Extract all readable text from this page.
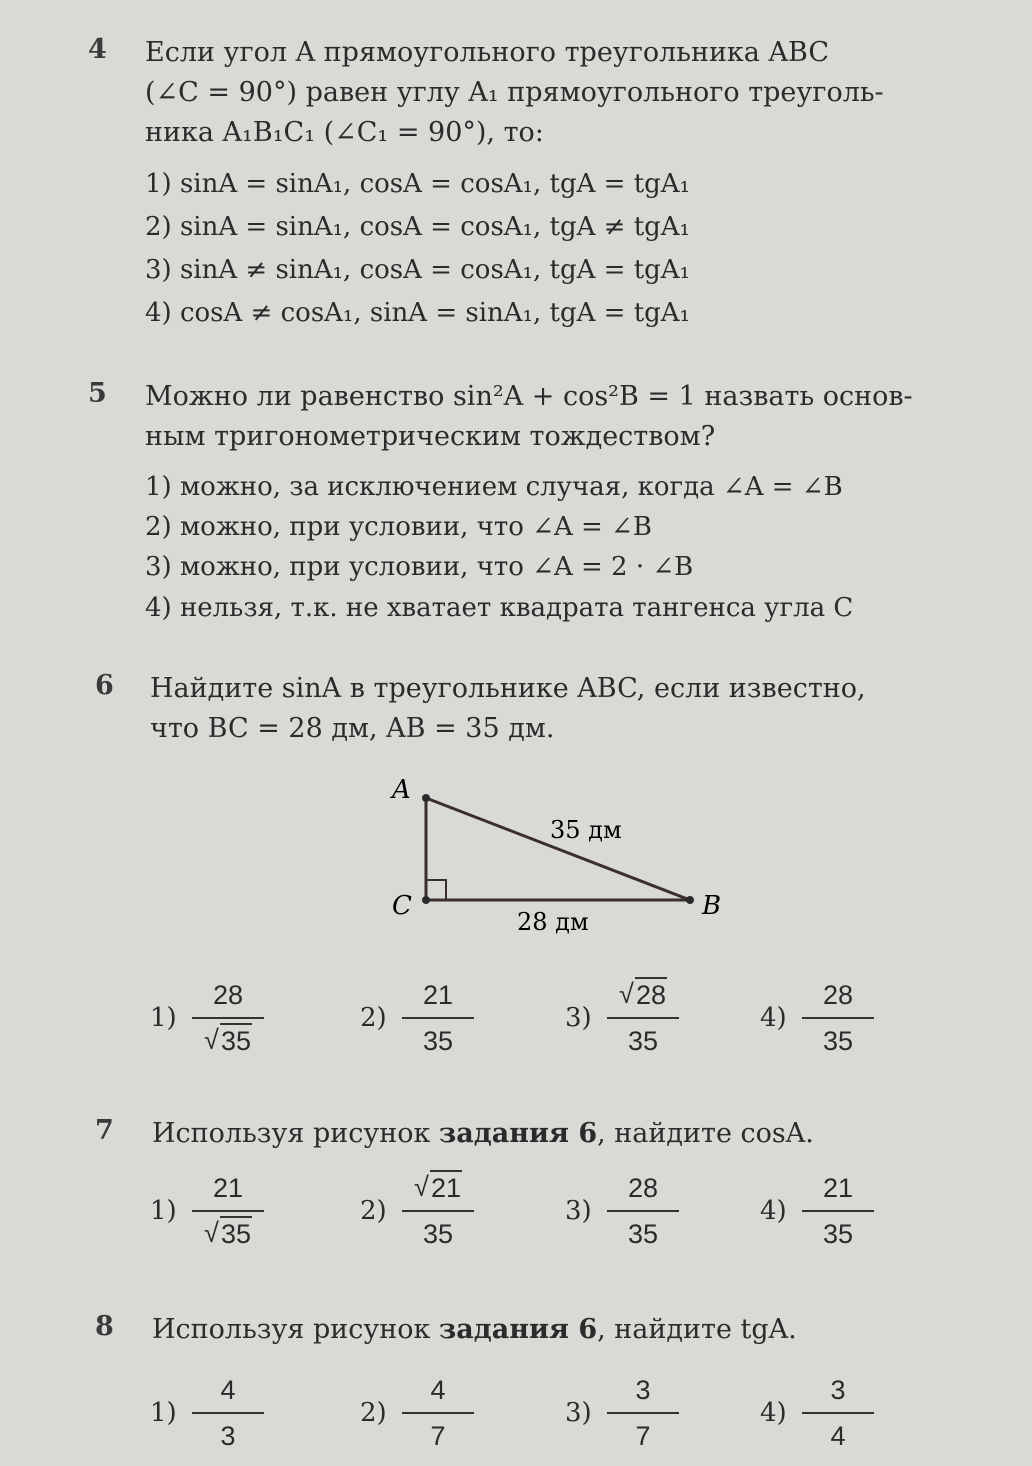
4 Если угол A прямоугольного треугольника ABC
(∠C = 90°) равен углу A₁ прямоугольного треуголь-
ника A₁B₁C₁ (∠C₁ = 90°), то:
1) sinA = sinA₁, cosA = cosA₁, tgA = tgA₁
2) sinA = sinA₁, cosA = cosA₁, tgA ≠ tgA₁
3) sinA ≠ sinA₁, cosA = cosA₁, tgA = tgA₁
4) cosA ≠ cosA₁, sinA = sinA₁, tgA = tgA₁
5 Можно ли равенство sin²A + cos²B = 1 назвать основ-
ным тригонометрическим тождеством?
1) можно, за исключением случая, когда ∠A = ∠B
2) можно, при условии, что ∠A = ∠B
3) можно, при условии, что ∠A = 2 · ∠B
4) нельзя, т.к. не хватает квадрата тангенса угла C
6 Найдите sinA в треугольнике ABC, если известно,
что BC = 28 дм, AB = 35 дм.
A
C	B
35 дм
28 дм
1)
28
√ 35
2)
21
35
3)
√ 28
35
4)
28
35
7 Используя рисунок задания 6, найдите cosA.
1)
21
√ 35
2)
√ 21
35
3)
28
35
4)
21
35
8 Используя рисунок задания 6, найдите tgA.
1)
4
3
2)
4
7
3)
3
7
4)
3
4
